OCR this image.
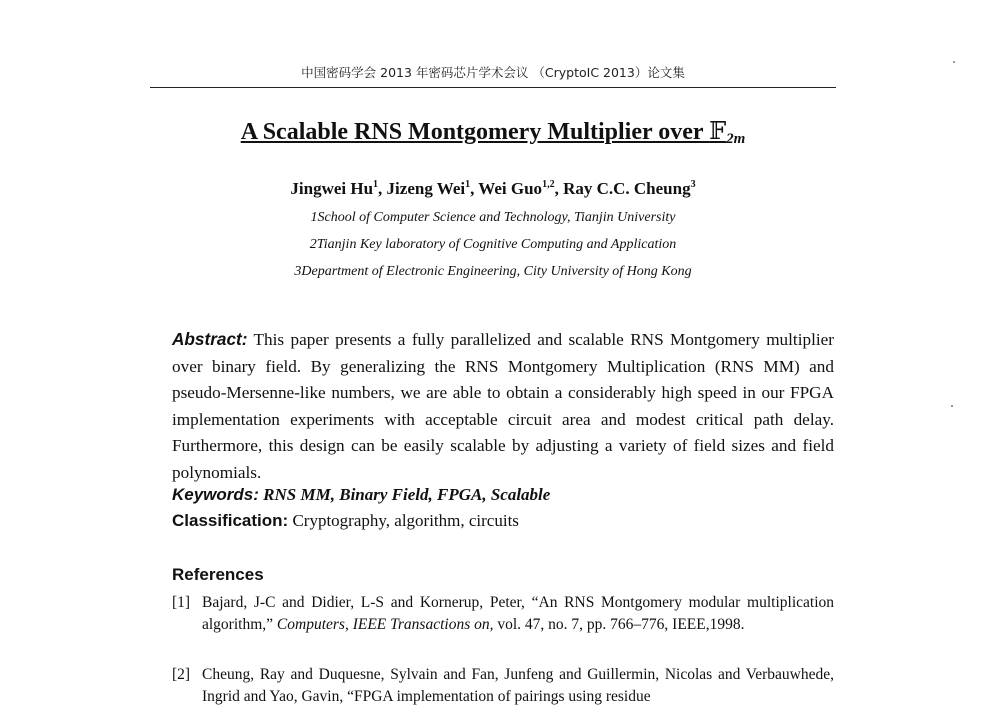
中国密码学会 2013 年密码芯片学术会议 （CryptoIC 2013）论文集
A Scalable RNS Montgomery Multiplier over 𝔽$_{2m}$
Jingwei Hu$^1$, Jizeng Wei$^1$, Wei Guo$^{1,2}$, Ray C.C. Cheung$^3$
1School of Computer Science and Technology, Tianjin University
2Tianjin Key laboratory of Cognitive Computing and Application
3Department of Electronic Engineering, City University of Hong Kong
Abstract: This paper presents a fully parallelized and scalable RNS Montgomery multiplier over binary field. By generalizing the RNS Montgomery Multiplication (RNS MM) and pseudo-Mersenne-like numbers, we are able to obtain a considerably high speed in our FPGA implementation experiments with acceptable circuit area and modest critical path delay. Furthermore, this design can be easily scalable by adjusting a variety of field sizes and field polynomials.
Keywords: RNS MM, Binary Field, FPGA, Scalable
Classification: Cryptography, algorithm, circuits
References
[1] Bajard, J-C and Didier, L-S and Kornerup, Peter, “An RNS Montgomery modular multiplication algorithm,” Computers, IEEE Transactions on, vol. 47, no. 7, pp. 766–776, IEEE,1998.
[2] Cheung, Ray and Duquesne, Sylvain and Fan, Junfeng and Guillermin, Nicolas and Verbauwhede, Ingrid and Yao, Gavin, “FPGA implementation of pairings using residue
